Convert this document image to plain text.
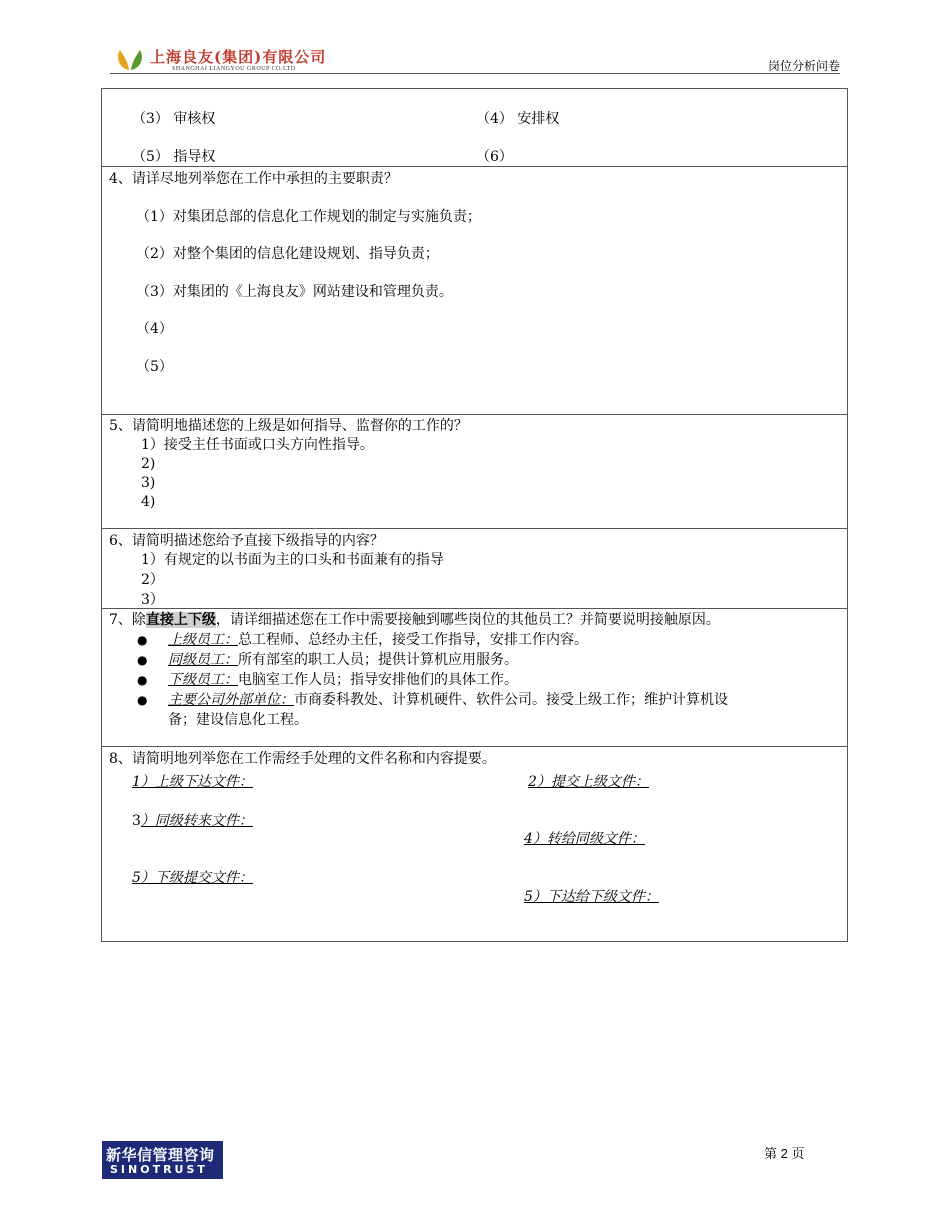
上海良友(集团)有限公司
SHANGHAI LIANGYOU GROUP CO.LTD	岗位分析问卷
（3） 审核权	（4） 安排权
（5） 指导权	（6）
4、请详尽地列举您在工作中承担的主要职责？
（1）对集团总部的信息化工作规划的制定与实施负责；
（2）对整个集团的信息化建设规划、指导负责；
（3）对集团的《上海良友》网站建设和管理负责。
（4）
（5）
5、请简明地描述您的上级是如何指导、监督你的工作的？
1）接受主任书面或口头方向性指导。
2)
3)
4)
6、请简明描述您给予直接下级指导的内容？
1）有规定的以书面为主的口头和书面兼有的指导
2）
3）
7、除直接上下级，请详细描述您在工作中需要接触到哪些岗位的其他员工？并简要说明接触原因。
● 上级员工：总工程师、总经办主任，接受工作指导，安排工作内容。
● 同级员工：所有部室的职工人员；提供计算机应用服务。
● 下级员工：电脑室工作人员；指导安排他们的具体工作。
● 主要公司外部单位：市商委科教处、计算机硬件、软件公司。接受上级工作；维护计算机设
备；建设信息化工程。
8、请简明地列举您在工作需经手处理的文件名称和内容提要。
1）上级下达文件：	2）提交上级文件：
3）同级转来文件：
4）转给同级文件：
5）下级提交文件：
5）下达给下级文件：
新华信管理咨询
SINOTRUST
第 2 页
